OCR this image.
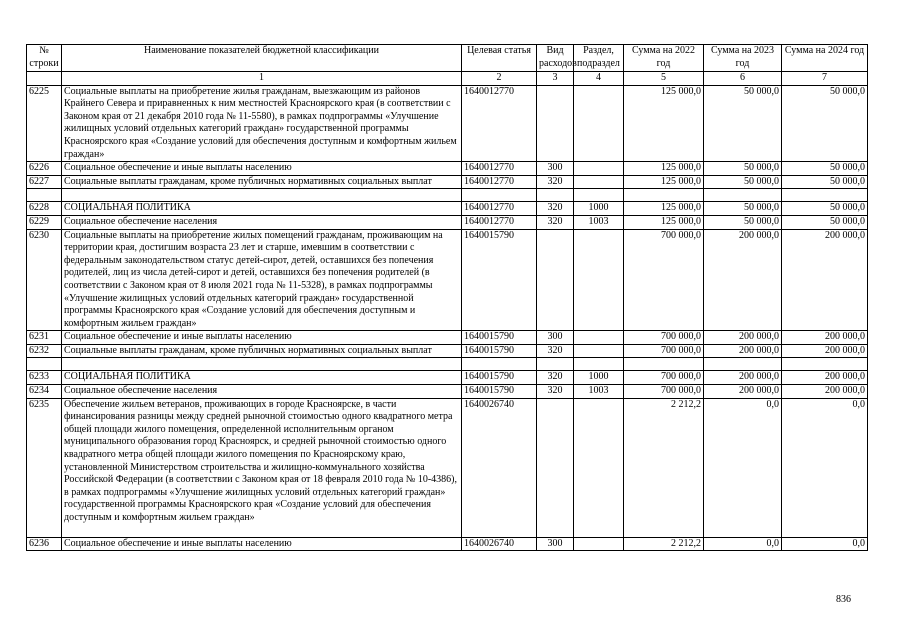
№ строки	Наименование показателей бюджетной классификации	Целевая статья	Вид расходов	Раздел, подраздел	Сумма на 2022 год	Сумма на 2023 год	Сумма на 2024 год
	1	2	3	4	5	6	7
6225	Социальные выплаты на приобретение жилья гражданам, выезжающим из районов Крайнего Севера и приравненных к ним местностей Красноярского края (в соответствии с Законом края от 21 декабря 2010 года № 11-5580), в рамках подпрограммы «Улучшение жилищных условий отдельных категорий граждан» государственной программы Красноярского края «Создание условий для обеспечения доступным и комфортным жильем граждан»	1640012770			125 000,0	50 000,0	50 000,0
6226	Социальное обеспечение и иные выплаты населению	1640012770	300		125 000,0	50 000,0	50 000,0
6227	Социальные выплаты гражданам, кроме публичных нормативных социальных выплат	1640012770	320		125 000,0	50 000,0	50 000,0

6228	СОЦИАЛЬНАЯ ПОЛИТИКА	1640012770	320	1000	125 000,0	50 000,0	50 000,0
6229	Социальное обеспечение населения	1640012770	320	1003	125 000,0	50 000,0	50 000,0
6230	Социальные выплаты на приобретение жилых помещений гражданам, проживающим на территории края, достигшим возраста 23 лет и старше, имевшим в соответствии с федеральным законодательством статус детей-сирот, детей, оставшихся без попечения родителей, лиц из числа детей-сирот и детей, оставшихся без попечения родителей (в соответствии с Законом края от 8 июля 2021 года № 11-5328), в рамках подпрограммы «Улучшение жилищных условий отдельных категорий граждан» государственной программы Красноярского края «Создание условий для обеспечения доступным и комфортным жильем граждан»	1640015790			700 000,0	200 000,0	200 000,0
6231	Социальное обеспечение и иные выплаты населению	1640015790	300		700 000,0	200 000,0	200 000,0
6232	Социальные выплаты гражданам, кроме публичных нормативных социальных выплат	1640015790	320		700 000,0	200 000,0	200 000,0

6233	СОЦИАЛЬНАЯ ПОЛИТИКА	1640015790	320	1000	700 000,0	200 000,0	200 000,0
6234	Социальное обеспечение населения	1640015790	320	1003	700 000,0	200 000,0	200 000,0
6235	Обеспечение жильем ветеранов, проживающих в городе Красноярске, в части финансирования разницы между средней рыночной стоимостью одного квадратного метра общей площади жилого помещения, определенной исполнительным органом муниципального образования город Красноярск, и средней рыночной стоимостью одного квадратного метра общей площади жилого помещения по Красноярскому краю, установленной Министерством строительства и жилищно-коммунального хозяйства Российской Федерации (в соответствии с Законом края от 18 февраля 2010 года № 10-4386), в рамках подпрограммы «Улучшение жилищных условий отдельных категорий граждан» государственной программы Красноярского края «Создание условий для обеспечения доступным и комфортным жильем граждан»	1640026740			2 212,2	0,0	0,0
6236	Социальное обеспечение и иные выплаты населению	1640026740	300		2 212,2	0,0	0,0
836
